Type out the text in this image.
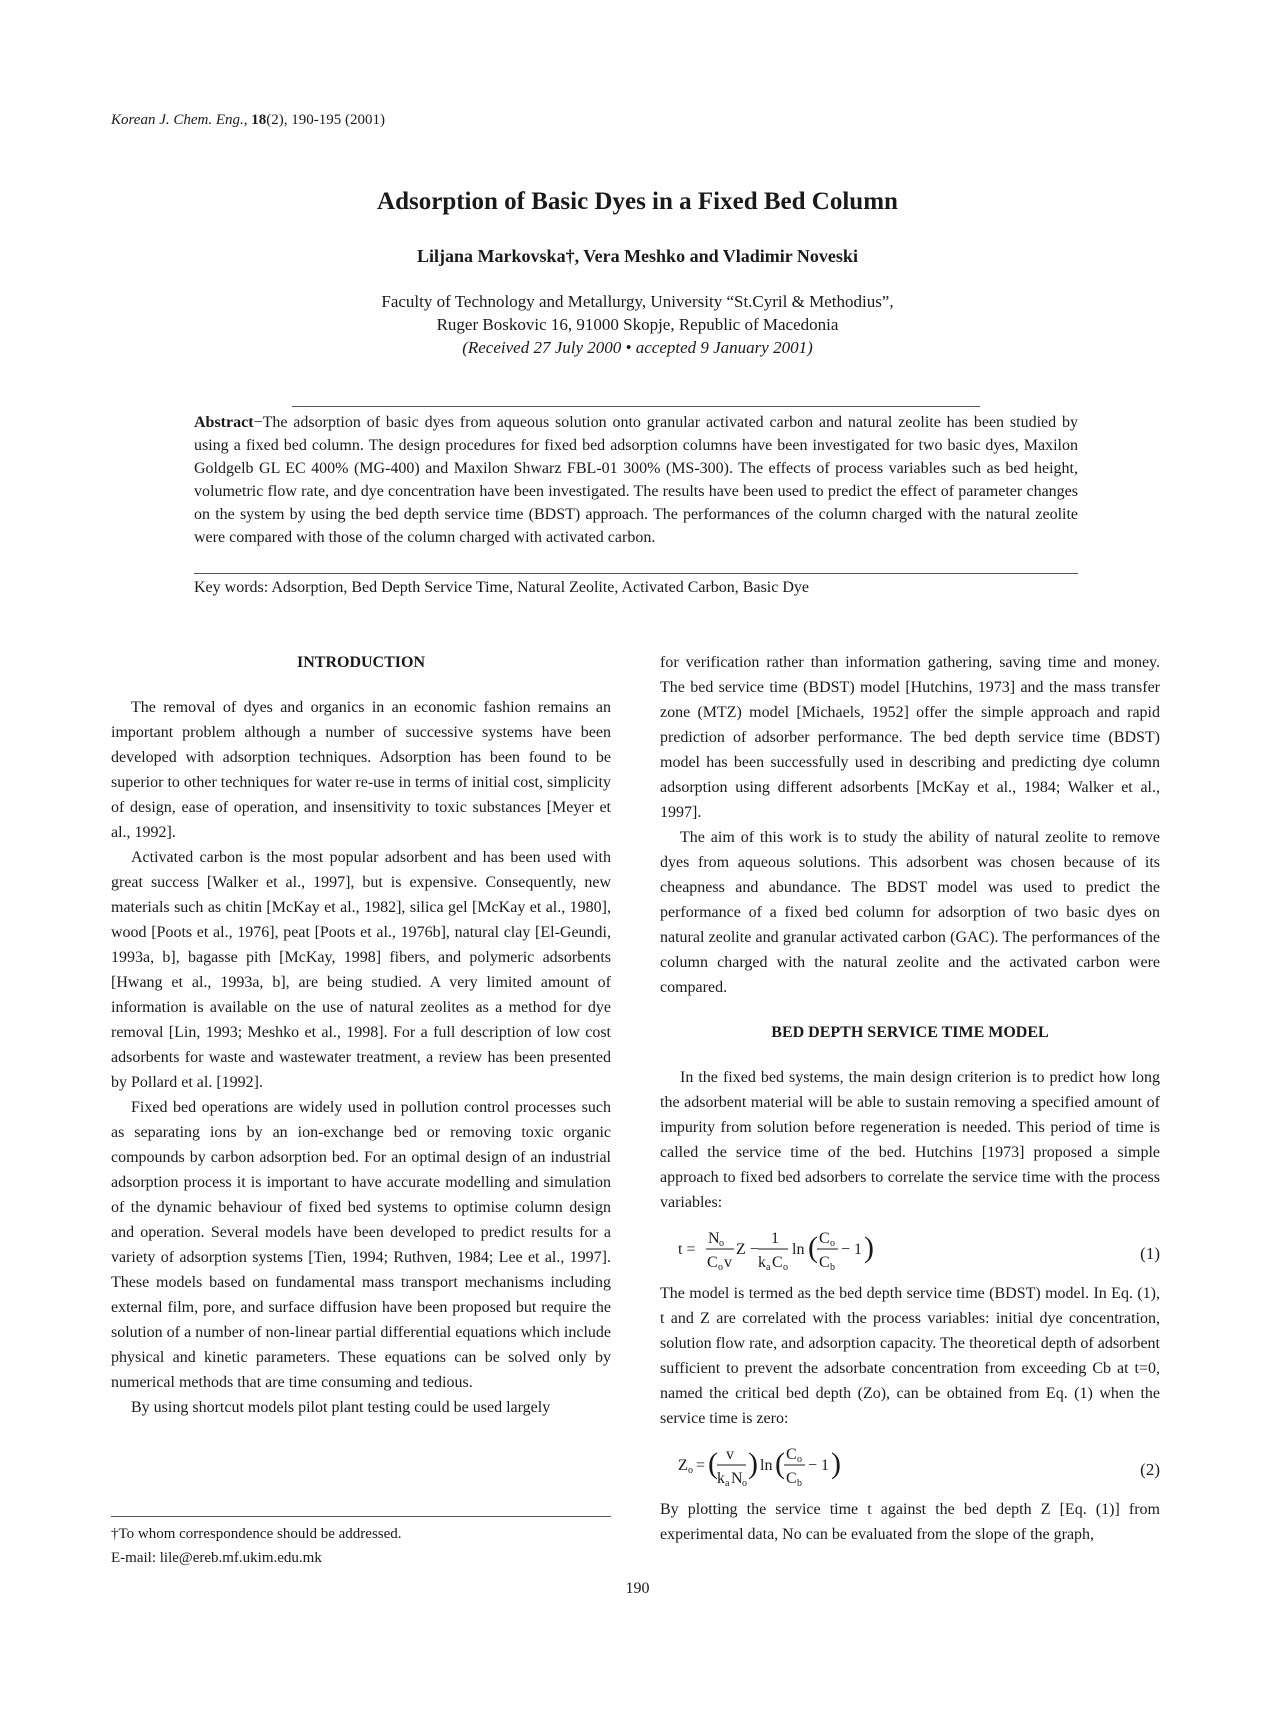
Korean J. Chem. Eng., 18(2), 190-195 (2001)
Adsorption of Basic Dyes in a Fixed Bed Column
Liljana Markovska†, Vera Meshko and Vladimir Noveski
Faculty of Technology and Metallurgy, University “St.Cyril & Methodius”,
Ruger Boskovic 16, 91000 Skopje, Republic of Macedonia
(Received 27 July 2000 • accepted 9 January 2001)
Abstract−The adsorption of basic dyes from aqueous solution onto granular activated carbon and natural zeolite has been studied by using a fixed bed column. The design procedures for fixed bed adsorption columns have been investigated for two basic dyes, Maxilon Goldgelb GL EC 400% (MG-400) and Maxilon Shwarz FBL-01 300% (MS-300). The effects of process variables such as bed height, volumetric flow rate, and dye concentration have been investigated. The results have been used to predict the effect of parameter changes on the system by using the bed depth service time (BDST) approach. The performances of the column charged with the natural zeolite were compared with those of the column charged with activated carbon.
Key words: Adsorption, Bed Depth Service Time, Natural Zeolite, Activated Carbon, Basic Dye
INTRODUCTION

The removal of dyes and organics in an economic fashion remains an important problem although a number of successive systems have been developed with adsorption techniques. Adsorption has been found to be superior to other techniques for water re-use in terms of initial cost, simplicity of design, ease of operation, and insensitivity to toxic substances [Meyer et al., 1992].

Activated carbon is the most popular adsorbent and has been used with great success [Walker et al., 1997], but is expensive. Consequently, new materials such as chitin [McKay et al., 1982], silica gel [McKay et al., 1980], wood [Poots et al., 1976], peat [Poots et al., 1976b], natural clay [El-Geundi, 1993a, b], bagasse pith [McKay, 1998] fibers, and polymeric adsorbents [Hwang et al., 1993a, b], are being studied. A very limited amount of information is available on the use of natural zeolites as a method for dye removal [Lin, 1993; Meshko et al., 1998]. For a full description of low cost adsorbents for waste and wastewater treatment, a review has been presented by Pollard et al. [1992].

Fixed bed operations are widely used in pollution control processes such as separating ions by an ion-exchange bed or removing toxic organic compounds by carbon adsorption bed. For an optimal design of an industrial adsorption process it is important to have accurate modelling and simulation of the dynamic behaviour of fixed bed systems to optimise column design and operation. Several models have been developed to predict results for a variety of adsorption systems [Tien, 1994; Ruthven, 1984; Lee et al., 1997]. These models based on fundamental mass transport mechanisms including external film, pore, and surface diffusion have been proposed but require the solution of a number of non-linear partial differential equations which include physical and kinetic parameters. These equations can be solved only by numerical methods that are time consuming and tedious.

By using shortcut models pilot plant testing could be used largely

for verification rather than information gathering, saving time and money. The bed service time (BDST) model [Hutchins, 1973] and the mass transfer zone (MTZ) model [Michaels, 1952] offer the simple approach and rapid prediction of adsorber performance. The bed depth service time (BDST) model has been successfully used in describing and predicting dye column adsorption using different adsorbents [McKay et al., 1984; Walker et al., 1997].

The aim of this work is to study the ability of natural zeolite to remove dyes from aqueous solutions. This adsorbent was chosen because of its cheapness and abundance. The BDST model was used to predict the performance of a fixed bed column for adsorption of two basic dyes on natural zeolite and granular activated carbon (GAC). The performances of the column charged with the natural zeolite and the activated carbon were compared.

BED DEPTH SERVICE TIME MODEL

In the fixed bed systems, the main design criterion is to predict how long the adsorbent material will be able to sustain removing a specified amount of impurity from solution before regeneration is needed. This period of time is called the service time of the bed. Hutchins [1973] proposed a simple approach to fixed bed adsorbers to correlate the service time with the process variables:

t =
N o
C o v
Z −
1
k a C o
ln ( C o
C b
− 1 )	(1)

The model is termed as the bed depth service time (BDST) model. In Eq. (1), t and Z are correlated with the process variables: initial dye concentration, solution flow rate, and adsorption capacity. The theoretical depth of adsorbent sufficient to prevent the adsorbate concentration from exceeding Cb at t=0, named the critical bed depth (Zo), can be obtained from Eq. (1) when the service time is zero:

Z o = ( v
k a N o
) ln ( C o
C b
− 1 )	(2)

By plotting the service time t against the bed depth Z [Eq. (1)] from experimental data, No can be evaluated from the slope of the graph,

†To whom correspondence should be addressed.
E-mail: lile@ereb.mf.ukim.edu.mk
190
